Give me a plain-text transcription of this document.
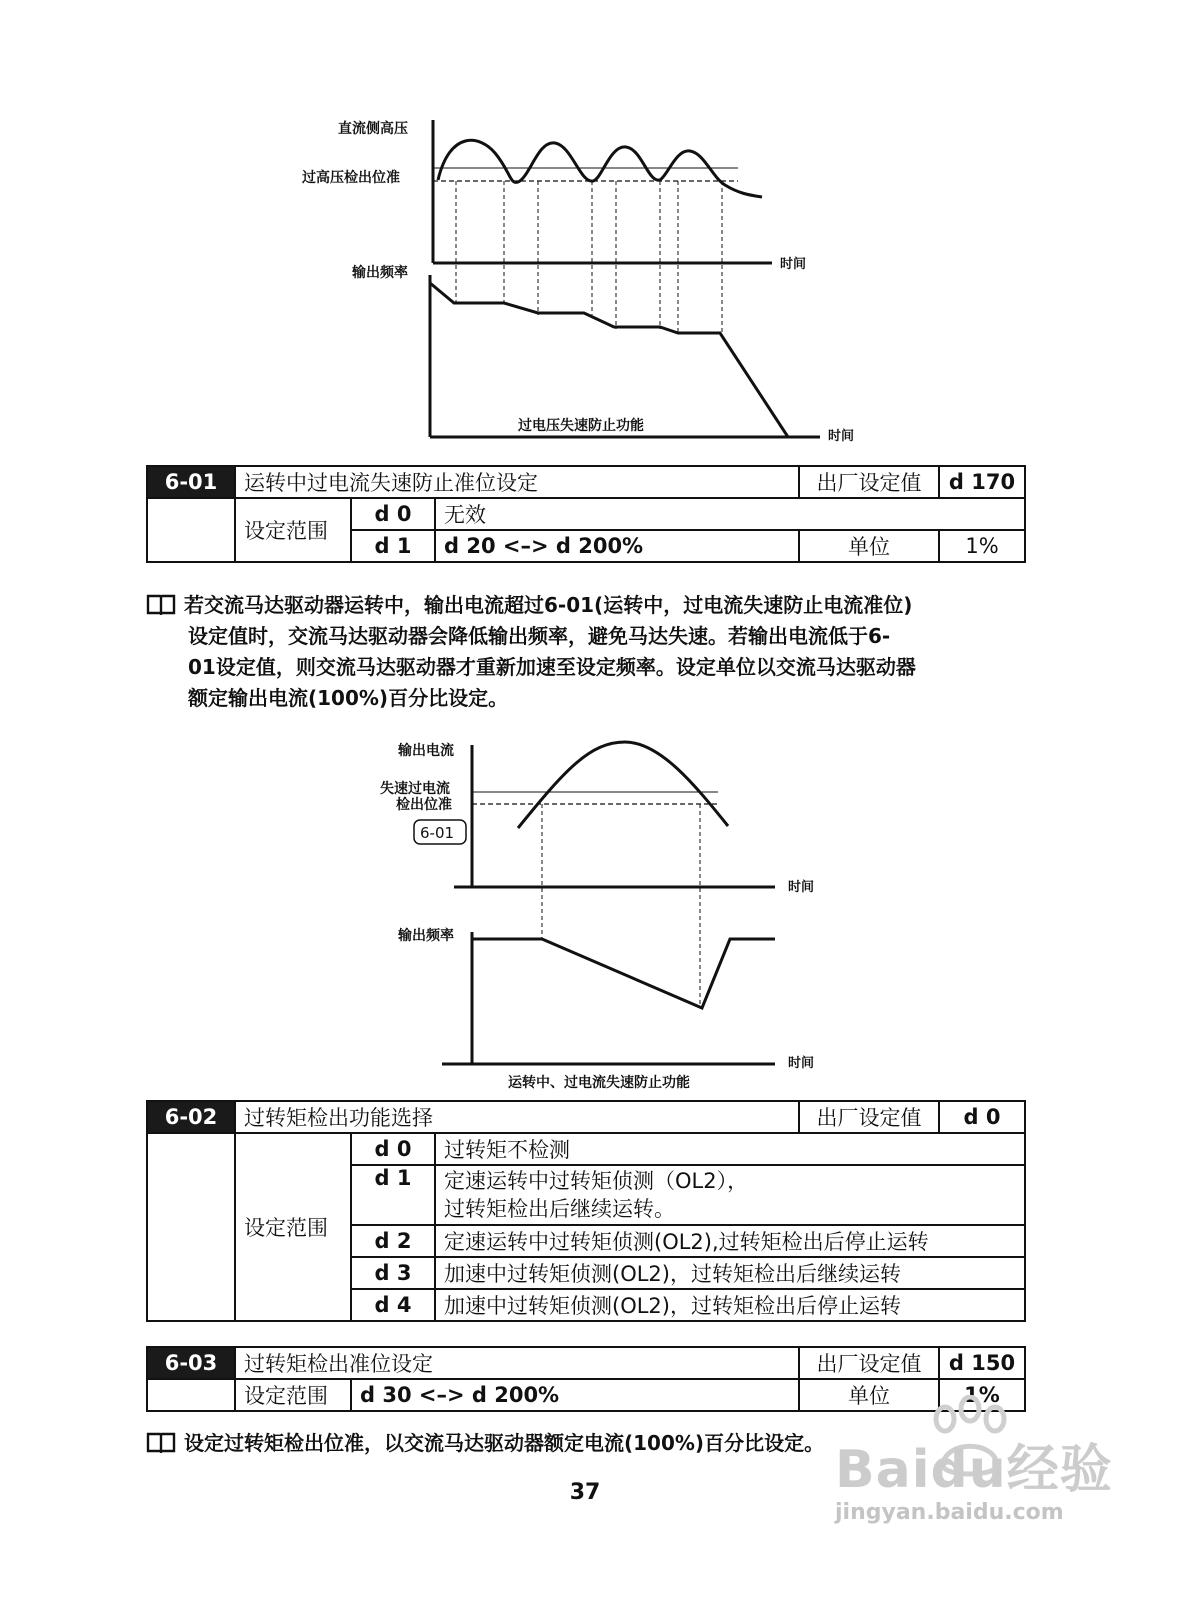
直流侧高压
过高压检出位准
时间
输出频率
过电压失速防止功能
时间
6-01	运转中过电流失速防止准位设定			出厂设定值	d 170
	设定范围	d 0	无效		
		d 1	d 20 <–> d 200%	单位	1%
若交流马达驱动器运转中，输出电流超过6-01(运转中，过电流失速防止电流准位)
设定值时，交流马达驱动器会降低输出频率，避免马达失速。若输出电流低于6-
01设定值，则交流马达驱动器才重新加速至设定频率。设定单位以交流马达驱动器
额定输出电流(100%)百分比设定。
输出电流
失速过电流
检出位准
6-01
时间
输出频率
时间
运转中、过电流失速防止功能
6-02	过转矩检出功能选择			出厂设定值	d 0
	设定范围	d 0	过转矩不检测		
		d 1	定速运转中过转矩侦测（OL2），
过转矩检出后继续运转。		

		d 2	定速运转中过转矩侦测(OL2),过转矩检出后停止运转		
		d 3	加速中过转矩侦测(OL2)，过转矩检出后继续运转		
		d 4	加速中过转矩侦测(OL2)，过转矩检出后停止运转		
6-03	过转矩检出准位设定		出厂设定值	d 150
	设定范围	d 30 <–> d 200%	单位	1%
设定过转矩检出位准，以交流马达驱动器额定电流(100%)百分比设定。
37	Baidu经验
jingyan.baidu.com
